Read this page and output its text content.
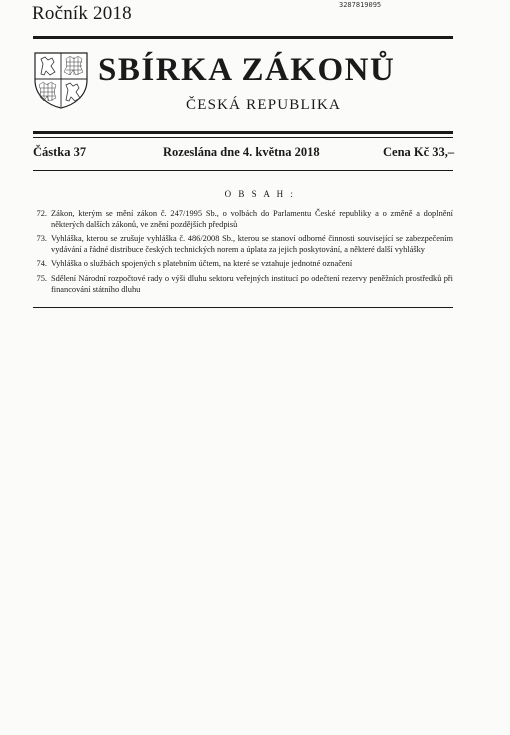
Ročník 2018	3287819095
SBÍRKA ZÁKONŮ
ČESKÁ REPUBLIKA
Částka 37	Rozeslána dne 4. května 2018	Cena Kč 33,–
O B S A H :
72. Zákon, kterým se mění zákon č. 247/1995 Sb., o volbách do Parlamentu České republiky a o změně a doplnění některých dalších zákonů, ve znění pozdějších předpisů
73. Vyhláška, kterou se zrušuje vyhláška č. 486/2008 Sb., kterou se stanoví odborné činnosti související se zabezpečením vydávání a řádné distribuce českých technických norem a úplata za jejich poskytování, a některé další vyhlášky
74. Vyhláška o službách spojených s platebním účtem, na které se vztahuje jednotné označení
75. Sdělení Národní rozpočtové rady o výši dluhu sektoru veřejných institucí po odečtení rezervy peněžních prostředků při financování státního dluhu
